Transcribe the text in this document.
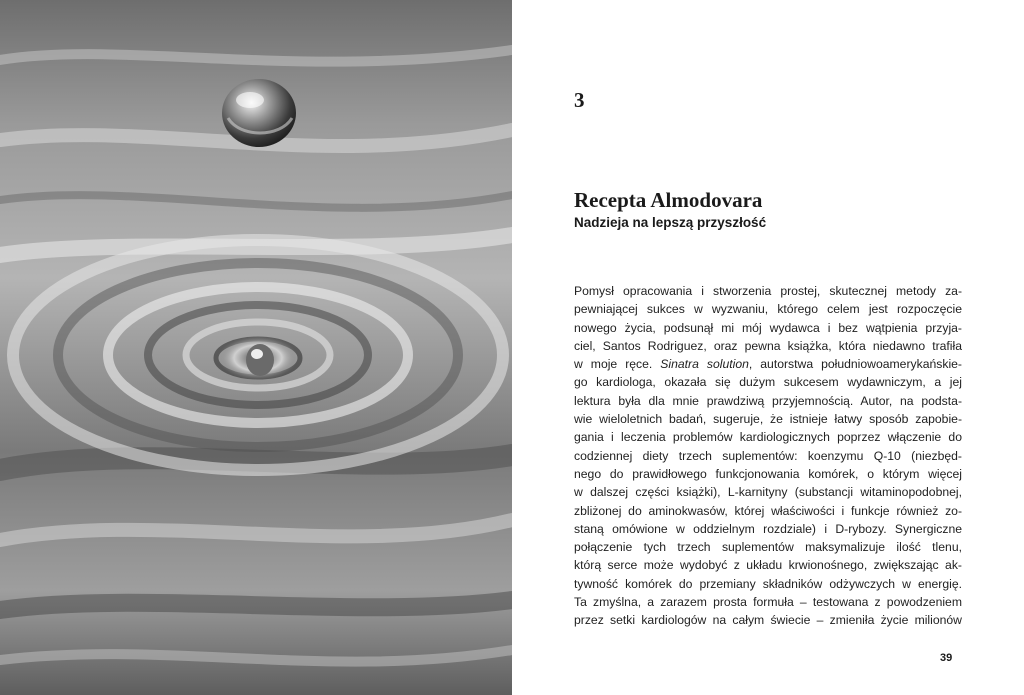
3
Recepta Almodovara
Nadzieja na lepszą przyszłość
Pomysł opracowania i stworzenia prostej, skutecznej metody za-
pewniającej sukces w wyzwaniu, którego celem jest rozpoczęcie
nowego życia, podsunął mi mój wydawca i bez wątpienia przyja-
ciel, Santos Rodriguez, oraz pewna książka, która niedawno trafiła
w moje ręce. Sinatra solution, autorstwa południowoamerykańskie-
go kardiologa, okazała się dużym sukcesem wydawniczym, a jej
lektura była dla mnie prawdziwą przyjemnością. Autor, na podsta-
wie wieloletnich badań, sugeruje, że istnieje łatwy sposób zapobie-
gania i leczenia problemów kardiologicznych poprzez włączenie do
codziennej diety trzech suplementów: koenzymu Q-10 (niezbęd-
nego do prawidłowego funkcjonowania komórek, o którym więcej
w dalszej części książki), L-karnityny (substancji witaminopodobnej,
zbliżonej do aminokwasów, której właściwości i funkcje również zo-
staną omówione w oddzielnym rozdziale) i D-rybozy. Synergiczne
połączenie tych trzech suplementów maksymalizuje ilość tlenu,
którą serce może wydobyć z układu krwionośnego, zwiększając ak-
tywność komórek do przemiany składników odżywczych w energię.
Ta zmyślna, a zarazem prosta formuła – testowana z powodzeniem
przez setki kardiologów na całym świecie – zmieniła życie milionów
39
